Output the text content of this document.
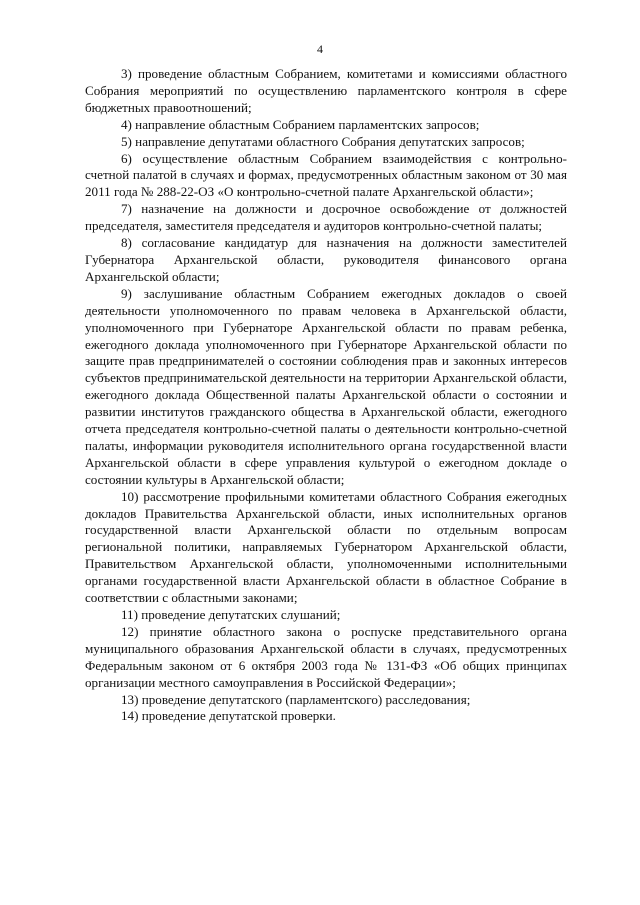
4

3) проведение областным Собранием, комитетами и комиссиями областного Собрания мероприятий по осуществлению парламентского контроля в сфере бюджетных правоотношений;

4) направление областным Собранием парламентских запросов;

5) направление депутатами областного Собрания депутатских запросов;

6) осуществление областным Собранием взаимодействия с контрольно-счетной палатой в случаях и формах, предусмотренных областным законом от 30 мая 2011 года № 288-22-ОЗ «О контрольно-счетной палате Архангельской области»;

7) назначение на должности и досрочное освобождение от должностей председателя, заместителя председателя и аудиторов контрольно-счетной палаты;

8) согласование кандидатур для назначения на должности заместителей Губернатора Архангельской области, руководителя финансового органа Архангельской области;

9) заслушивание областным Собранием ежегодных докладов о своей деятельности уполномоченного по правам человека в Архангельской области, уполномоченного при Губернаторе Архангельской области по правам ребенка, ежегодного доклада уполномоченного при Губернаторе Архангельской области по защите прав предпринимателей о состоянии соблюдения прав и законных интересов субъектов предпринимательской деятельности на территории Архангельской области, ежегодного доклада Общественной палаты Архангельской области о состоянии и развитии институтов гражданского общества в Архангельской области, ежегодного отчета председателя контрольно-счетной палаты о деятельности контрольно-счетной палаты, информации руководителя исполнительного органа государственной власти Архангельской области в сфере управления культурой о ежегодном докладе о состоянии культуры в Архангельской области;

10) рассмотрение профильными комитетами областного Собрания ежегодных докладов Правительства Архангельской области, иных исполнительных органов государственной власти Архангельской области по отдельным вопросам региональной политики, направляемых Губернатором Архангельской области, Правительством Архангельской области, уполномоченными исполнительными органами государственной власти Архангельской области в областное Собрание в соответствии с областными законами;

11) проведение депутатских слушаний;

12) принятие областного закона о роспуске представительного органа муниципального образования Архангельской области в случаях, предусмотренных Федеральным законом от 6 октября 2003 года № 131-ФЗ «Об общих принципах организации местного самоуправления в Российской Федерации»;

13) проведение депутатского (парламентского) расследования;

14) проведение депутатской проверки.
